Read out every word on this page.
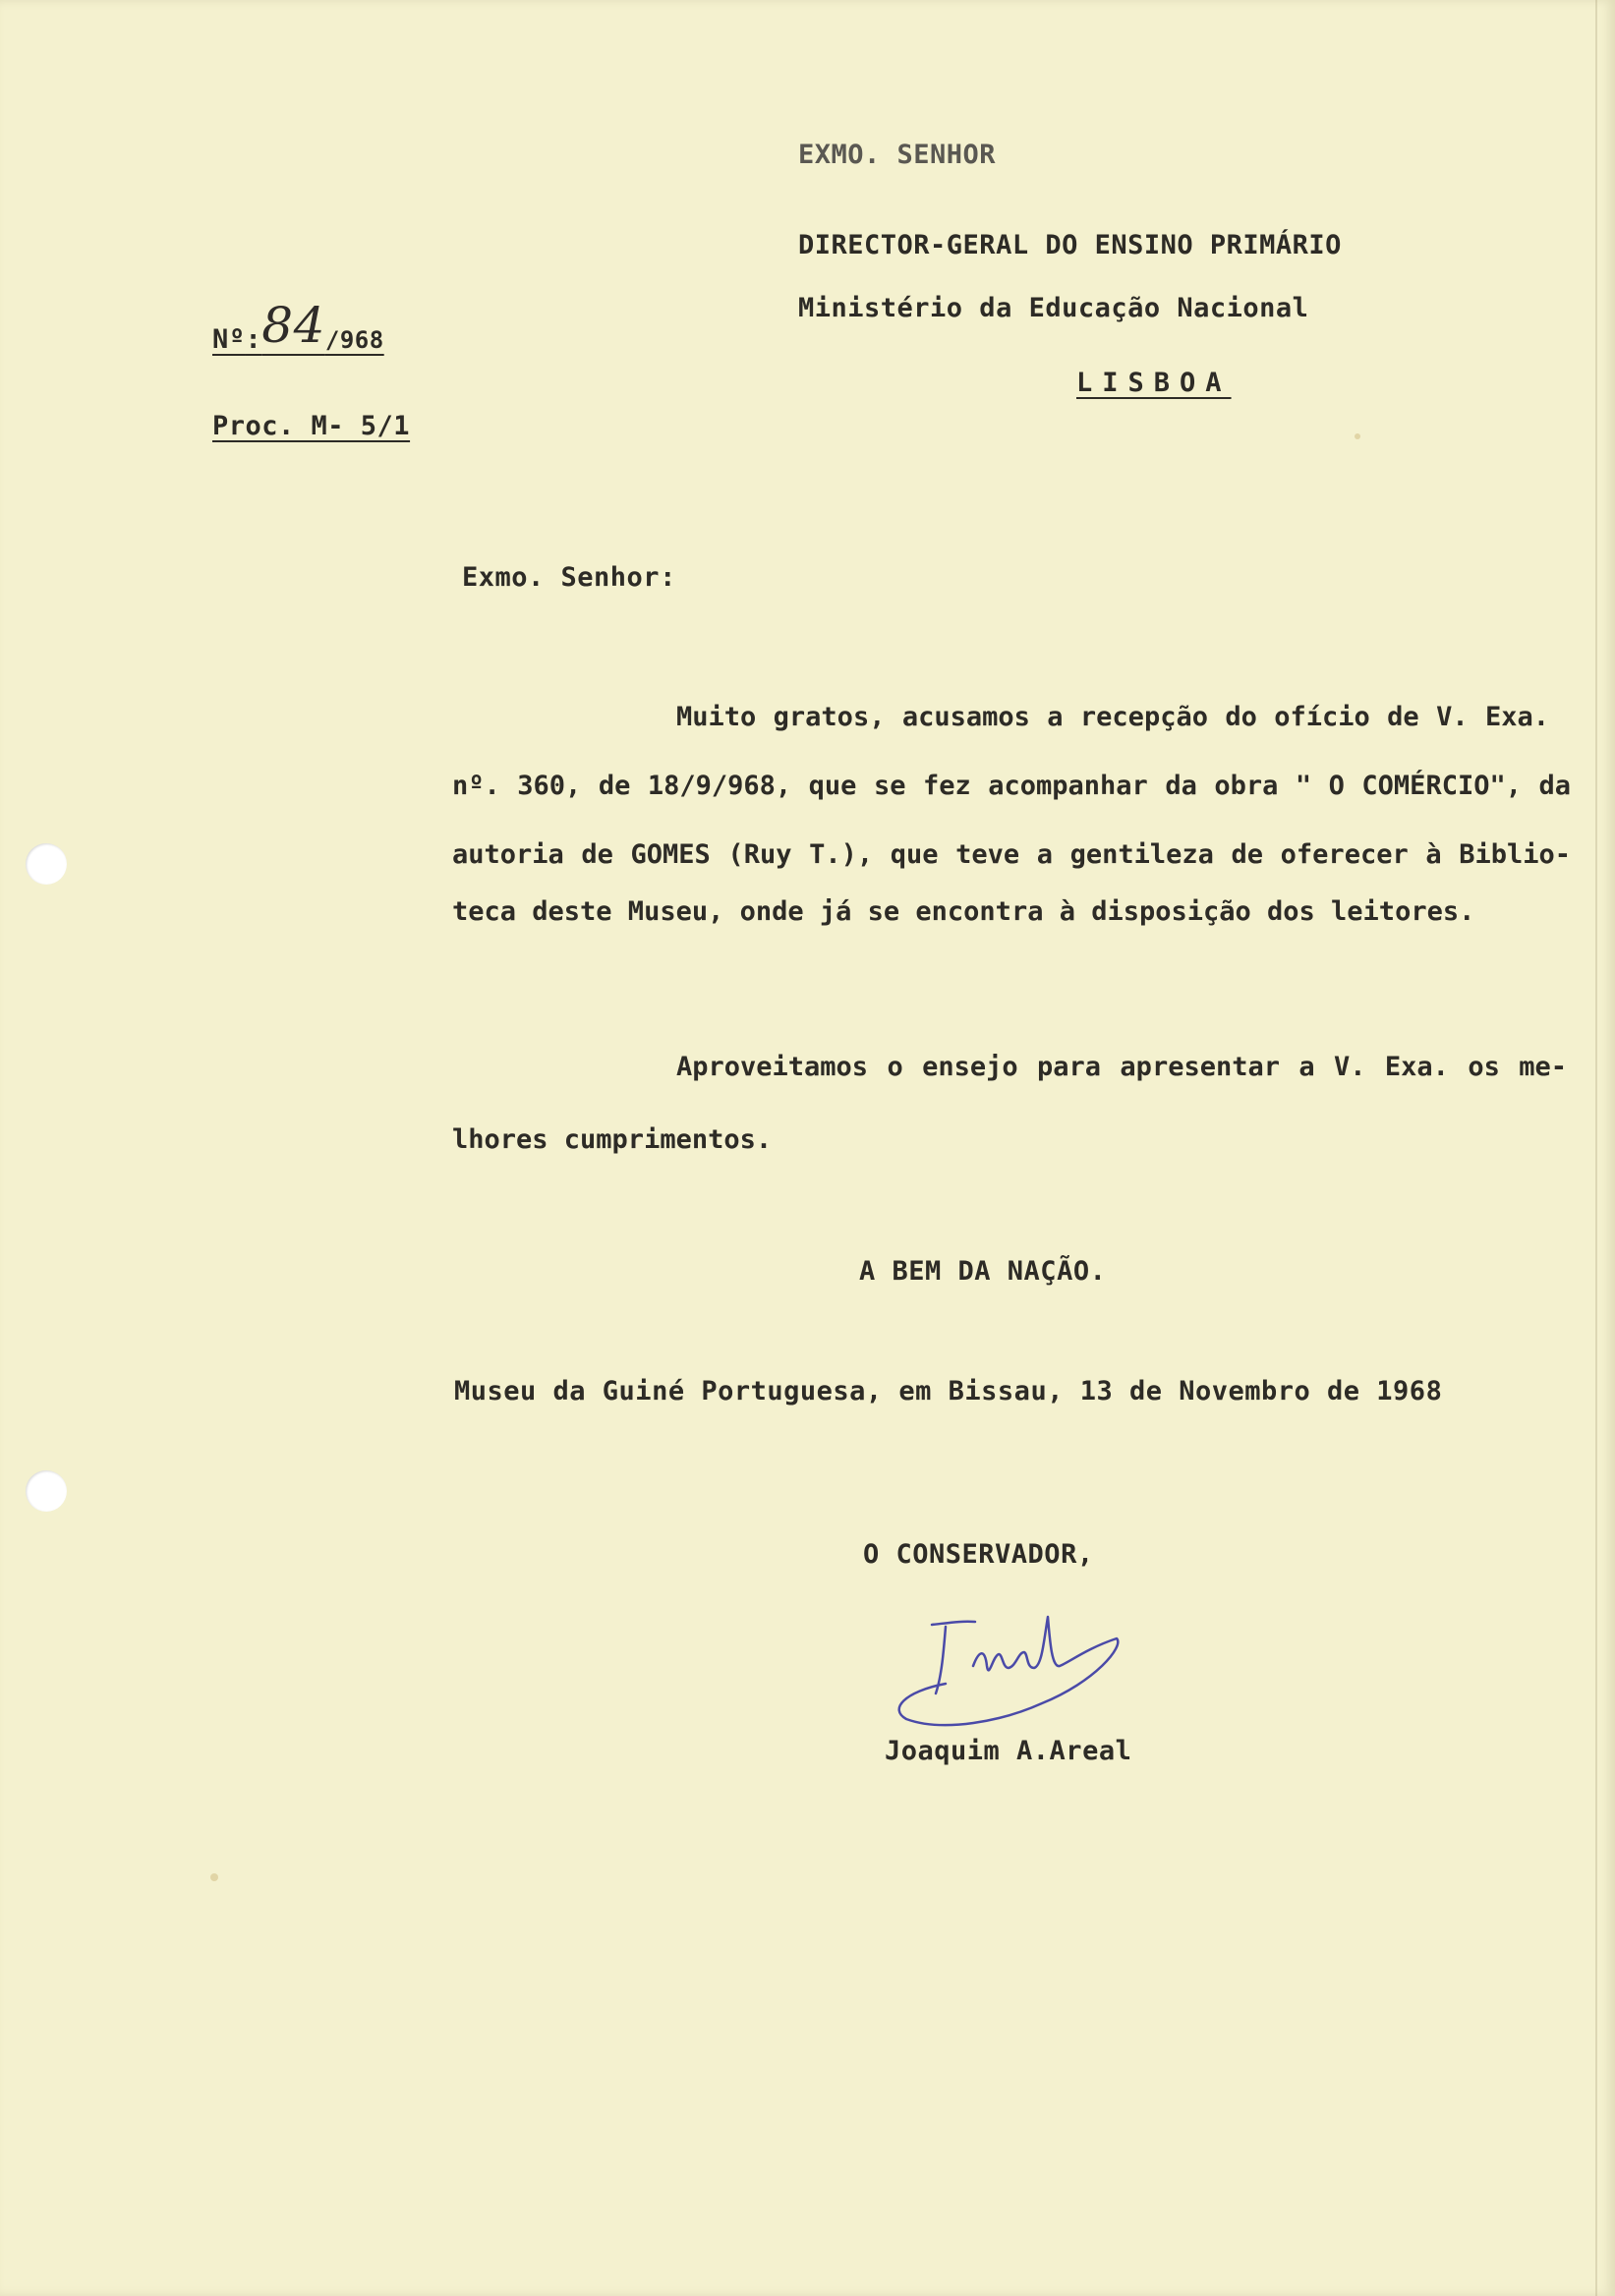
EXMO. SENHOR
DIRECTOR-GERAL DO ENSINO PRIMÁRIO
Ministério da Educação Nacional
LISBOA
Nº:84/968
Proc. M- 5/1
Exmo. Senhor:
Muito gratos, acusamos a recepção do ofício de V. Exa.
nº. 360, de 18/9/968, que se fez acompanhar da obra " O COMÉRCIO", da
autoria de GOMES (Ruy T.), que teve a gentileza de oferecer à Biblio-
teca deste Museu, onde já se encontra à disposição dos leitores.
Aproveitamos o ensejo para apresentar a V. Exa. os me-
lhores cumprimentos.
A BEM DA NAÇÃO.
Museu da Guiné Portuguesa, em Bissau, 13 de Novembro de 1968
O CONSERVADOR,
Joaquim A.Areal
